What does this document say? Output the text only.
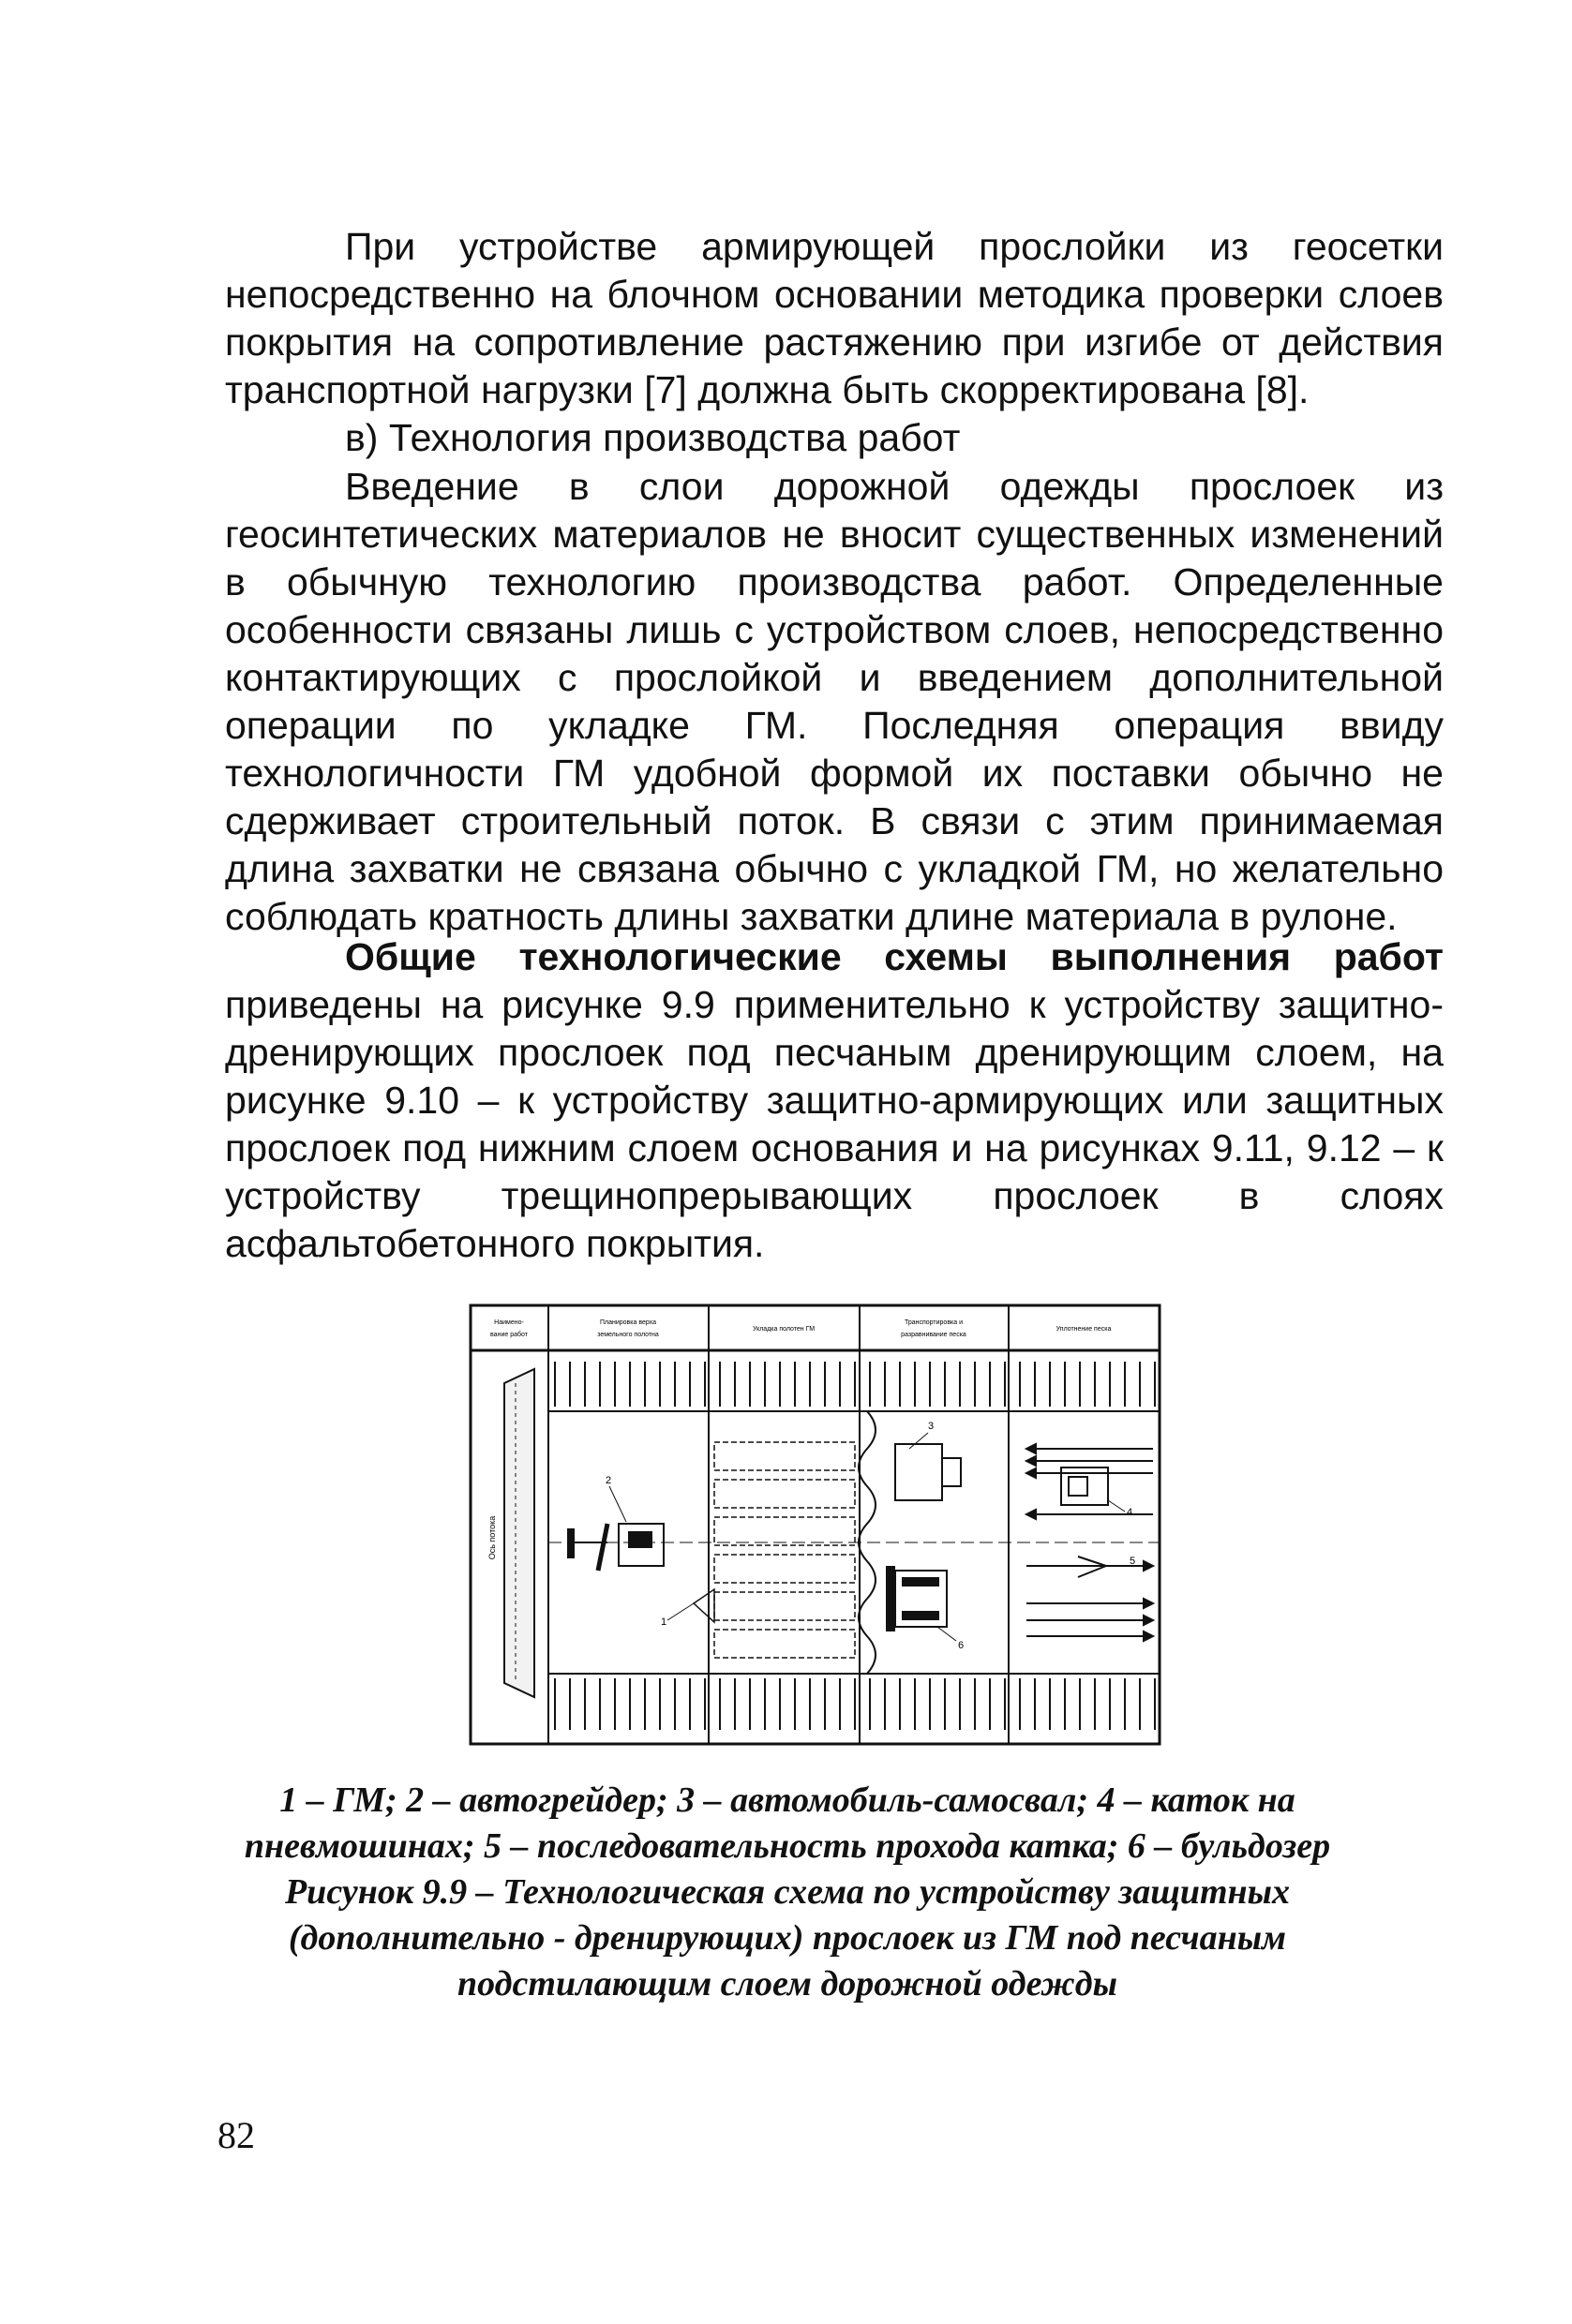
При устройстве армирующей прослойки из геосетки непосредственно на блочном основании методика проверки слоев покрытия на сопротивление растяжению при изгибе от действия транспортной нагрузки [7] должна быть скорректирована [8].

в) Технология производства работ

Введение в слои дорожной одежды прослоек из геосинтетических материалов не вносит существенных изменений в обычную технологию производства работ. Определенные особенности связаны лишь с устройством слоев, непосредственно контактирующих с прослойкой и введением дополнительной операции по укладке ГМ. Последняя операция ввиду технологичности ГМ удобной формой их поставки обычно не сдерживает строительный поток. В связи с этим принимаемая длина захватки не связана обычно с укладкой ГМ, но желательно соблюдать кратность длины захватки длине материала в рулоне.

Общие технологические схемы выполнения работ приведены на рисунке 9.9 применительно к устройству защитно-дренирующих прослоек под песчаным дренирующим слоем, на рисунке 9.10 – к устройству защитно-армирующих или защитных прослоек под нижним слоем основания и на рисунках 9.11, 9.12 – к устройству трещинопрерывающих прослоек в слоях асфальтобетонного покрытия.

Наимено-
вание работ
Планировка верха
земельного полотна
Укладка полотен ГМ
Транспортировка и
разравнивание песка
Уплотнение песка
Ось потока
1
2
3
4
5
6
1 – ГМ; 2 – автогрейдер; 3 – автомобиль-самосвал; 4 – каток на
пневмошинах; 5 – последовательность прохода катка; 6 – бульдозер
Рисунок 9.9 – Технологическая схема по устройству защитных
(дополнительно - дренирующих) прослоек из ГМ под песчаным
подстилающим слоем дорожной одежды
82
